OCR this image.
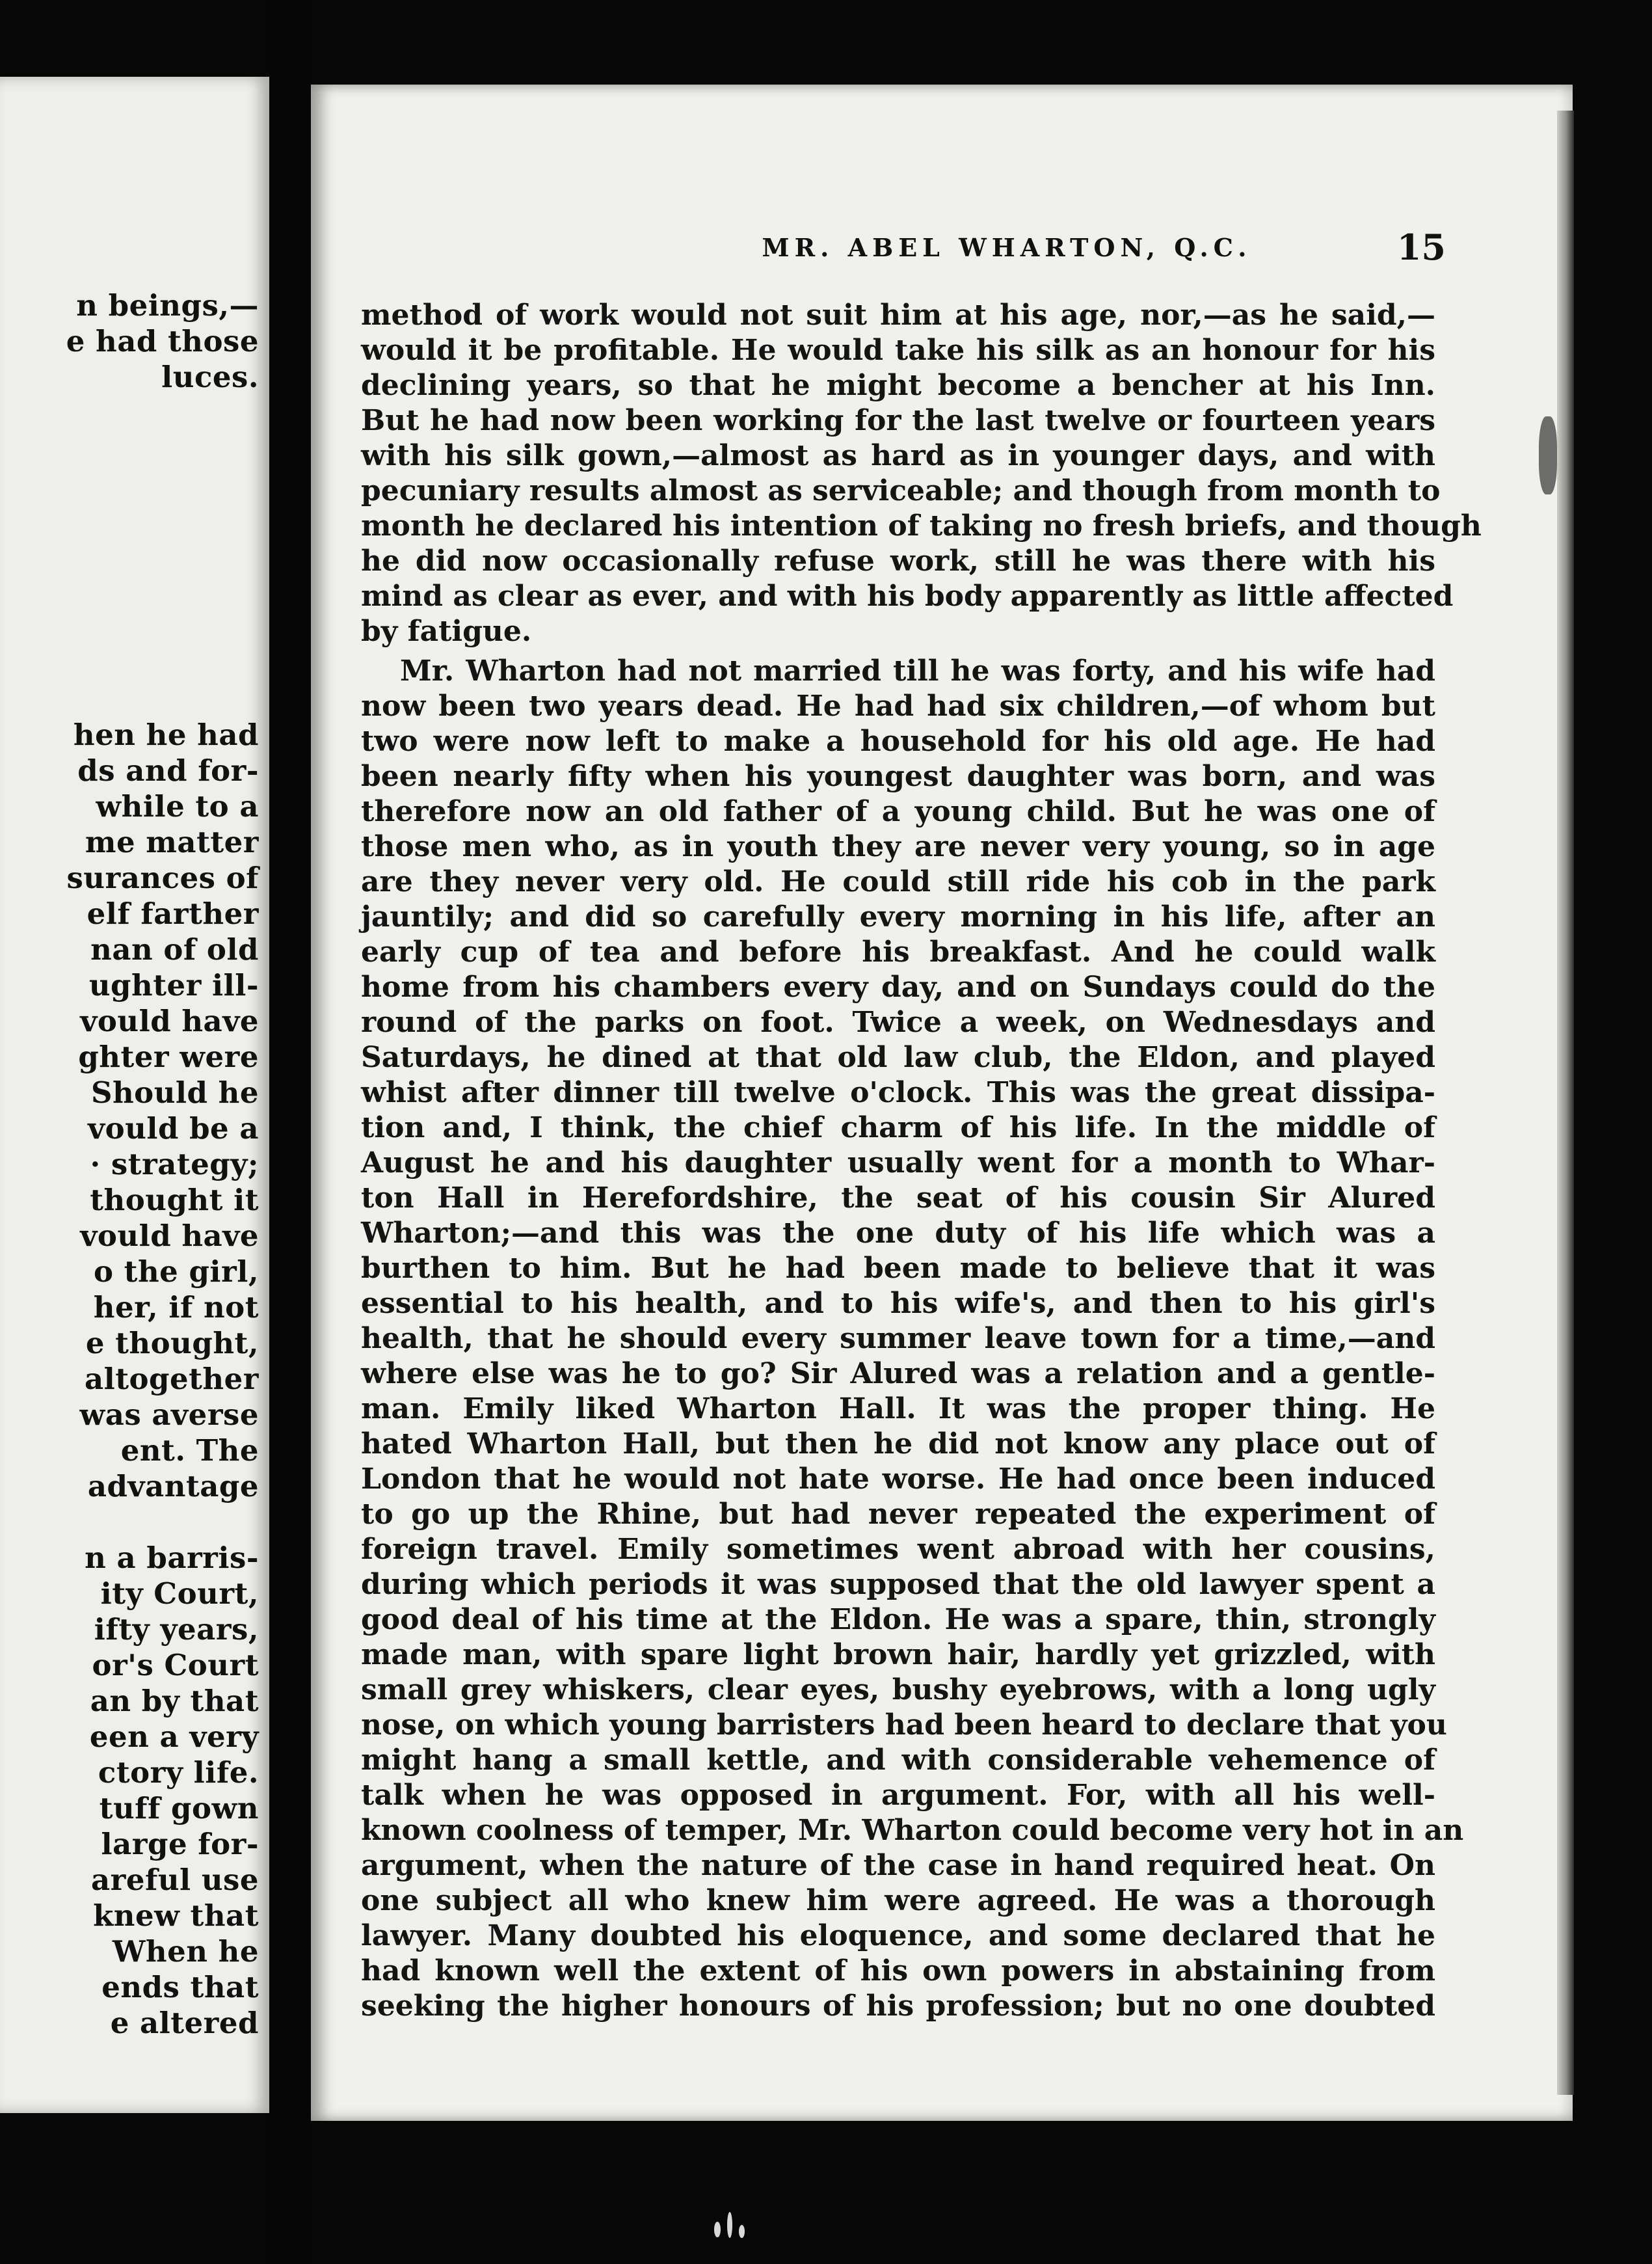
n beings,—
e had those
luces.
hen he had
ds and for-
while to a
me matter
surances of
elf farther
nan of old
ughter ill-
vould have
ghter were
Should he
vould be a
· strategy;
thought it
vould have
o the girl,
her, if not
e thought,
altogether
was averse
ent. The
advantage
n a barris-
ity Court,
ifty years,
or's Court
an by that
een a very
ctory life.
tuff gown
large for-
areful use
knew that
When he
ends that
e altered
MR. ABEL WHARTON, Q.C.	15
method of work would not suit him at his age, nor,—as he said,—
would it be profitable. He would take his silk as an honour for his
declining years, so that he might become a bencher at his Inn.
But he had now been working for the last twelve or fourteen years
with his silk gown,—almost as hard as in younger days, and with
pecuniary results almost as serviceable; and though from month to
month he declared his intention of taking no fresh briefs, and though
he did now occasionally refuse work, still he was there with his
mind as clear as ever, and with his body apparently as little affected
by fatigue.
Mr. Wharton had not married till he was forty, and his wife had
now been two years dead. He had had six children,—of whom but
two were now left to make a household for his old age. He had
been nearly fifty when his youngest daughter was born, and was
therefore now an old father of a young child. But he was one of
those men who, as in youth they are never very young, so in age
are they never very old. He could still ride his cob in the park
jauntily; and did so carefully every morning in his life, after an
early cup of tea and before his breakfast. And he could walk
home from his chambers every day, and on Sundays could do the
round of the parks on foot. Twice a week, on Wednesdays and
Saturdays, he dined at that old law club, the Eldon, and played
whist after dinner till twelve o'clock. This was the great dissipa-
tion and, I think, the chief charm of his life. In the middle of
August he and his daughter usually went for a month to Whar-
ton Hall in Herefordshire, the seat of his cousin Sir Alured
Wharton;—and this was the one duty of his life which was a
burthen to him. But he had been made to believe that it was
essential to his health, and to his wife's, and then to his girl's
health, that he should every summer leave town for a time,—and
where else was he to go? Sir Alured was a relation and a gentle-
man. Emily liked Wharton Hall. It was the proper thing. He
hated Wharton Hall, but then he did not know any place out of
London that he would not hate worse. He had once been induced
to go up the Rhine, but had never repeated the experiment of
foreign travel. Emily sometimes went abroad with her cousins,
during which periods it was supposed that the old lawyer spent a
good deal of his time at the Eldon. He was a spare, thin, strongly
made man, with spare light brown hair, hardly yet grizzled, with
small grey whiskers, clear eyes, bushy eyebrows, with a long ugly
nose, on which young barristers had been heard to declare that you
might hang a small kettle, and with considerable vehemence of
talk when he was opposed in argument. For, with all his well-
known coolness of temper, Mr. Wharton could become very hot in an
argument, when the nature of the case in hand required heat. On
one subject all who knew him were agreed. He was a thorough
lawyer. Many doubted his eloquence, and some declared that he
had known well the extent of his own powers in abstaining from
seeking the higher honours of his profession; but no one doubted
